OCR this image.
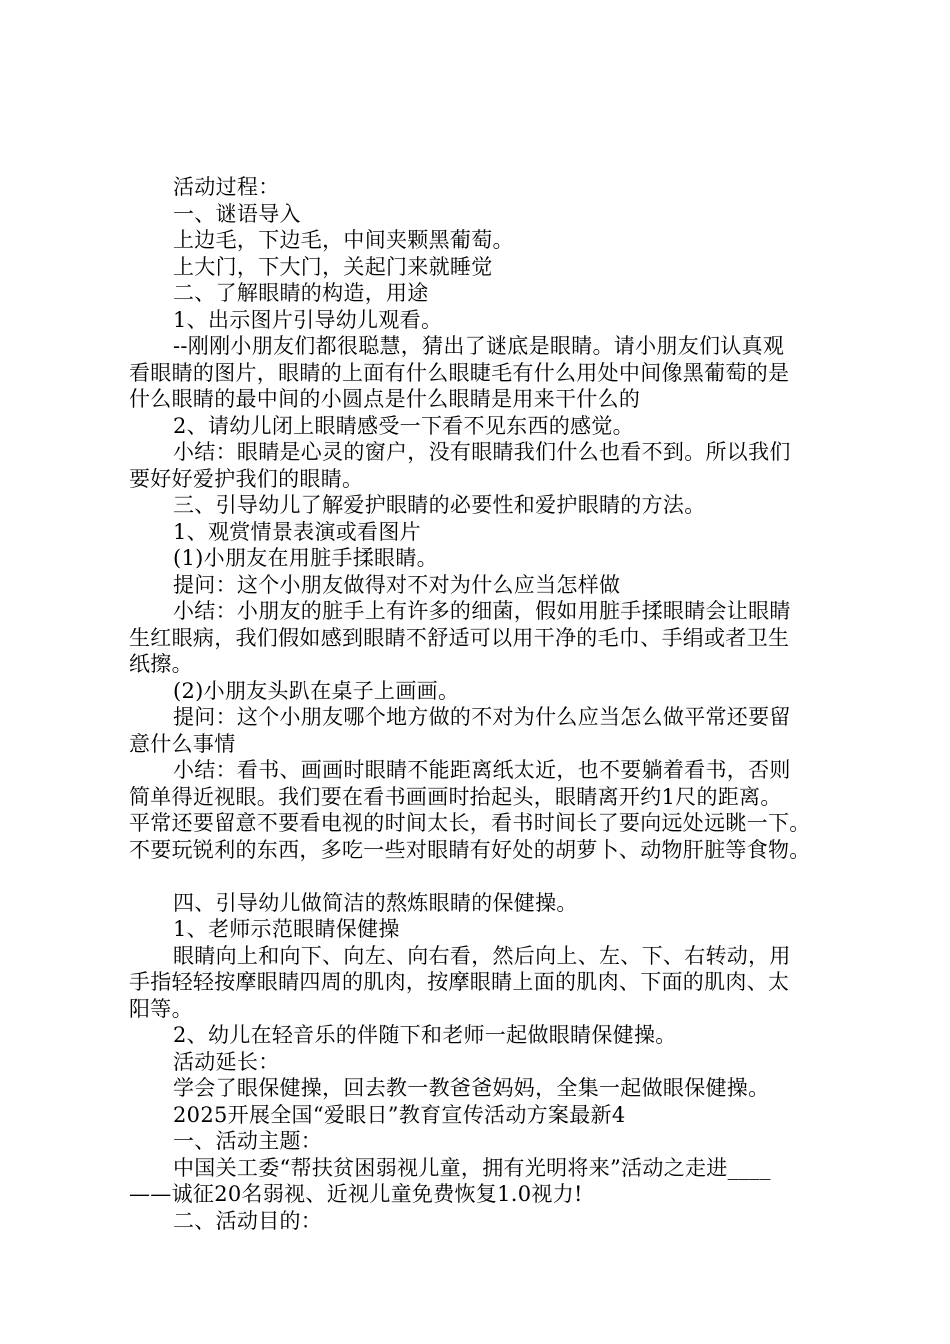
活动过程：
一、谜语导入
上边毛，下边毛，中间夹颗黑葡萄。
上大门，下大门，关起门来就睡觉
二、了解眼睛的构造，用途
1、出示图片引导幼儿观看。
--刚刚小朋友们都很聪慧，猜出了谜底是眼睛。请小朋友们认真观
看眼睛的图片，眼睛的上面有什么眼睫毛有什么用处中间像黑葡萄的是
什么眼睛的最中间的小圆点是什么眼睛是用来干什么的
2、请幼儿闭上眼睛感受一下看不见东西的感觉。
小结：眼睛是心灵的窗户，没有眼睛我们什么也看不到。所以我们
要好好爱护我们的眼睛。
三、引导幼儿了解爱护眼睛的必要性和爱护眼睛的方法。
1、观赏情景表演或看图片
(1)小朋友在用脏手揉眼睛。
提问：这个小朋友做得对不对为什么应当怎样做
小结：小朋友的脏手上有许多的细菌，假如用脏手揉眼睛会让眼睛
生红眼病，我们假如感到眼睛不舒适可以用干净的毛巾、手绢或者卫生
纸擦。
(2)小朋友头趴在桌子上画画。
提问：这个小朋友哪个地方做的不对为什么应当怎么做平常还要留
意什么事情
小结：看书、画画时眼睛不能距离纸太近，也不要躺着看书，否则
简单得近视眼。我们要在看书画画时抬起头，眼睛离开约1尺的距离。
平常还要留意不要看电视的时间太长，看书时间长了要向远处远眺一下。
不要玩锐利的东西，多吃一些对眼睛有好处的胡萝卜、动物肝脏等食物。
四、引导幼儿做简洁的熬炼眼睛的保健操。
1、老师示范眼睛保健操
眼睛向上和向下、向左、向右看，然后向上、左、下、右转动，用
手指轻轻按摩眼睛四周的肌肉，按摩眼睛上面的肌肉、下面的肌肉、太
阳等。
2、幼儿在轻音乐的伴随下和老师一起做眼睛保健操。
活动延长：
学会了眼保健操，回去教一教爸爸妈妈，全集一起做眼保健操。
2025开展全国“爱眼日”教育宣传活动方案最新4
一、活动主题：
中国关工委“帮扶贫困弱视儿童，拥有光明将来”活动之走进____
——诚征20名弱视、近视儿童免费恢复1.0视力!
二、活动目的：
